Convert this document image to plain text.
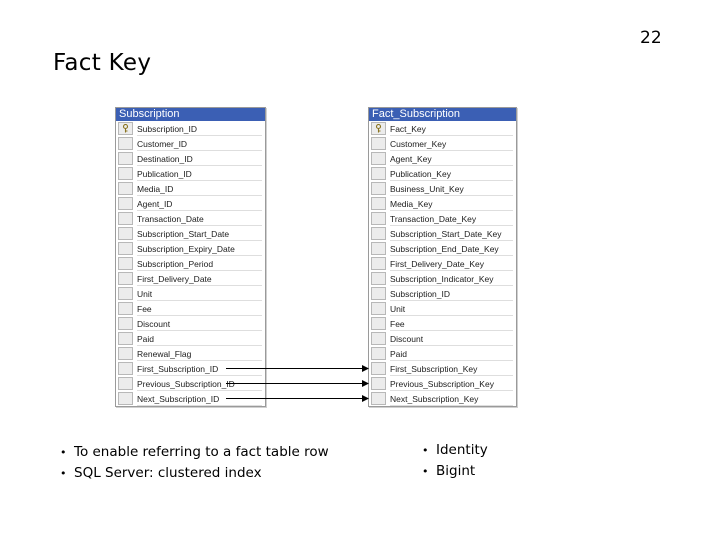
22
Fact Key
Subscription
Subscription_ID
Customer_ID
Destination_ID
Publication_ID
Media_ID
Agent_ID
Transaction_Date
Subscription_Start_Date
Subscription_Expiry_Date
Subscription_Period
First_Delivery_Date
Unit
Fee
Discount
Paid
Renewal_Flag
First_Subscription_ID
Previous_Subscription_ID
Next_Subscription_ID
Fact_Subscription
Fact_Key
Customer_Key
Agent_Key
Publication_Key
Business_Unit_Key
Media_Key
Transaction_Date_Key
Subscription_Start_Date_Key
Subscription_End_Date_Key
First_Delivery_Date_Key
Subscription_Indicator_Key
Subscription_ID
Unit
Fee
Discount
Paid
First_Subscription_Key
Previous_Subscription_Key
Next_Subscription_Key
• To enable referring to a fact table row
• SQL Server: clustered index
• Identity
• Bigint
